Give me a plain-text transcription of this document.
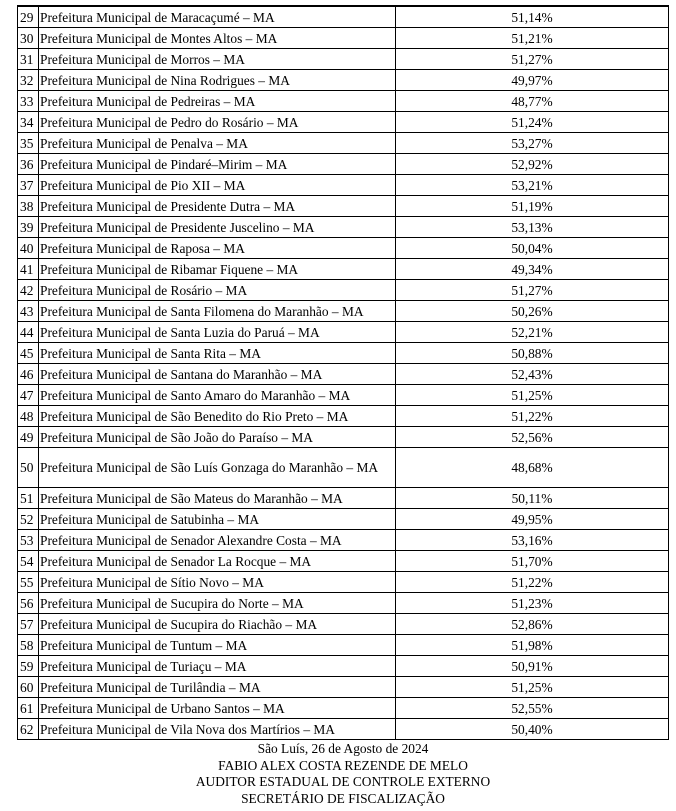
29	Prefeitura Municipal de Maracaçumé – MA	51,14%
30	Prefeitura Municipal de Montes Altos – MA	51,21%
31	Prefeitura Municipal de Morros – MA	51,27%
32	Prefeitura Municipal de Nina Rodrigues – MA	49,97%
33	Prefeitura Municipal de Pedreiras – MA	48,77%
34	Prefeitura Municipal de Pedro do Rosário – MA	51,24%
35	Prefeitura Municipal de Penalva – MA	53,27%
36	Prefeitura Municipal de Pindaré–Mirim – MA	52,92%
37	Prefeitura Municipal de Pio XII – MA	53,21%
38	Prefeitura Municipal de Presidente Dutra – MA	51,19%
39	Prefeitura Municipal de Presidente Juscelino – MA	53,13%
40	Prefeitura Municipal de Raposa – MA	50,04%
41	Prefeitura Municipal de Ribamar Fiquene – MA	49,34%
42	Prefeitura Municipal de Rosário – MA	51,27%
43	Prefeitura Municipal de Santa Filomena do Maranhão – MA	50,26%
44	Prefeitura Municipal de Santa Luzia do Paruá – MA	52,21%
45	Prefeitura Municipal de Santa Rita – MA	50,88%
46	Prefeitura Municipal de Santana do Maranhão – MA	52,43%
47	Prefeitura Municipal de Santo Amaro do Maranhão – MA	51,25%
48	Prefeitura Municipal de São Benedito do Rio Preto – MA	51,22%
49	Prefeitura Municipal de São João do Paraíso – MA	52,56%
50	Prefeitura Municipal de São Luís Gonzaga do Maranhão – MA	48,68%
51	Prefeitura Municipal de São Mateus do Maranhão – MA	50,11%
52	Prefeitura Municipal de Satubinha – MA	49,95%
53	Prefeitura Municipal de Senador Alexandre Costa – MA	53,16%
54	Prefeitura Municipal de Senador La Rocque – MA	51,70%
55	Prefeitura Municipal de Sítio Novo – MA	51,22%
56	Prefeitura Municipal de Sucupira do Norte – MA	51,23%
57	Prefeitura Municipal de Sucupira do Riachão – MA	52,86%
58	Prefeitura Municipal de Tuntum – MA	51,98%
59	Prefeitura Municipal de Turiaçu – MA	50,91%
60	Prefeitura Municipal de Turilândia – MA	51,25%
61	Prefeitura Municipal de Urbano Santos – MA	52,55%
62	Prefeitura Municipal de Vila Nova dos Martírios – MA	50,40%
São Luís, 26 de Agosto de 2024
FABIO ALEX COSTA REZENDE DE MELO
AUDITOR ESTADUAL DE CONTROLE EXTERNO
SECRETÁRIO DE FISCALIZAÇÃO
